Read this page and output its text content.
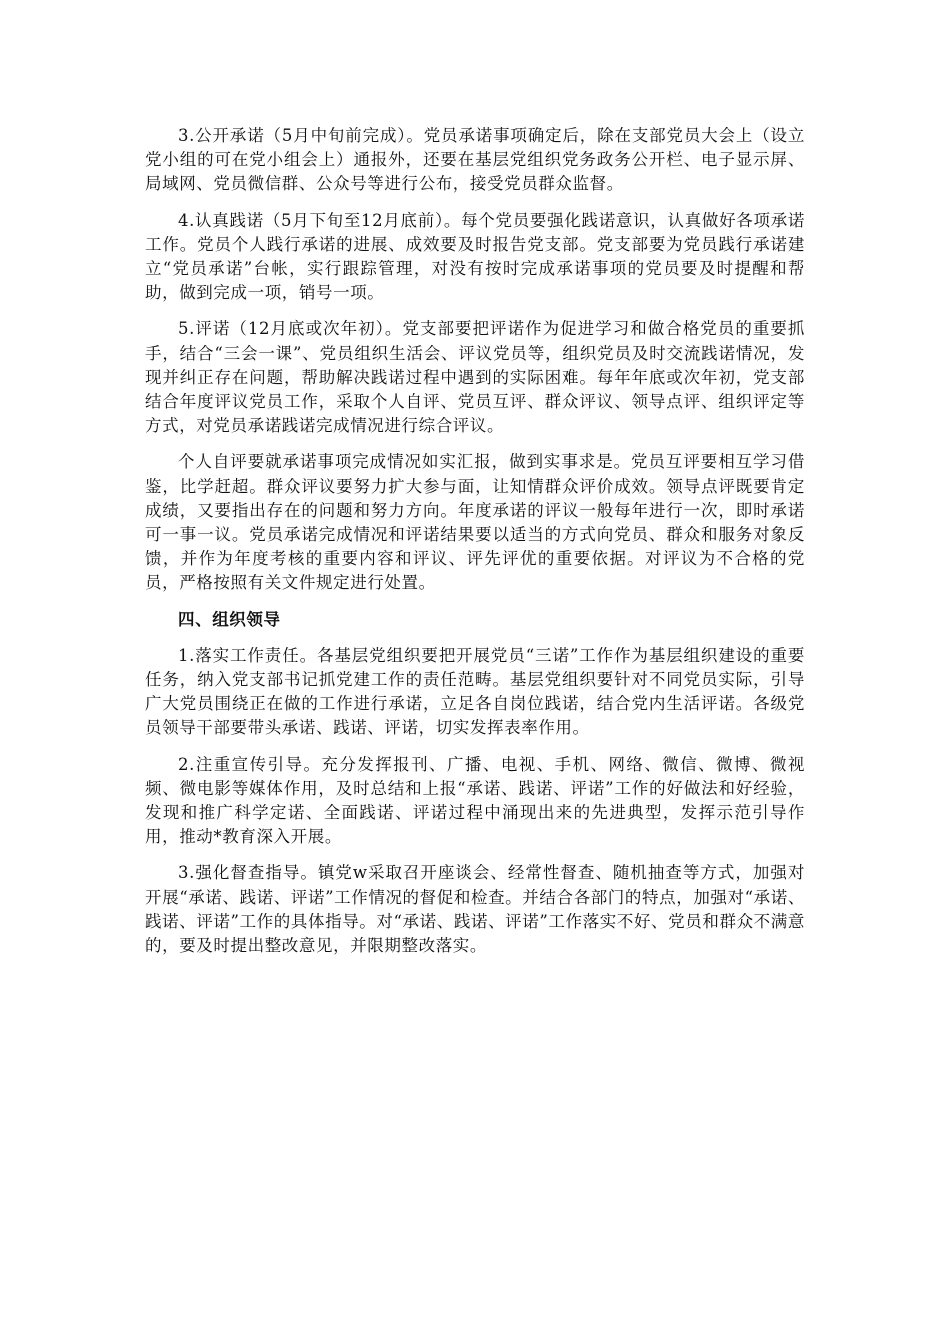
3.公开承诺（5月中旬前完成）。党员承诺事项确定后，除在支部党员大会上（设立党小组的可在党小组会上）通报外，还要在基层党组织党务政务公开栏、电子显示屏、局域网、党员微信群、公众号等进行公布，接受党员群众监督。

4.认真践诺（5月下旬至12月底前）。每个党员要强化践诺意识，认真做好各项承诺工作。党员个人践行承诺的进展、成效要及时报告党支部。党支部要为党员践行承诺建立“党员承诺”台帐，实行跟踪管理，对没有按时完成承诺事项的党员要及时提醒和帮助，做到完成一项，销号一项。

5.评诺（12月底或次年初）。党支部要把评诺作为促进学习和做合格党员的重要抓手，结合“三会一课”、党员组织生活会、评议党员等，组织党员及时交流践诺情况，发现并纠正存在问题，帮助解决践诺过程中遇到的实际困难。每年年底或次年初，党支部结合年度评议党员工作，采取个人自评、党员互评、群众评议、领导点评、组织评定等方式，对党员承诺践诺完成情况进行综合评议。

个人自评要就承诺事项完成情况如实汇报，做到实事求是。党员互评要相互学习借鉴，比学赶超。群众评议要努力扩大参与面，让知情群众评价成效。领导点评既要肯定成绩，又要指出存在的问题和努力方向。年度承诺的评议一般每年进行一次，即时承诺可一事一议。党员承诺完成情况和评诺结果要以适当的方式向党员、群众和服务对象反馈，并作为年度考核的重要内容和评议、评先评优的重要依据。对评议为不合格的党员，严格按照有关文件规定进行处置。

四、组织领导

1.落实工作责任。各基层党组织要把开展党员“三诺”工作作为基层组织建设的重要任务，纳入党支部书记抓党建工作的责任范畴。基层党组织要针对不同党员实际，引导广大党员围绕正在做的工作进行承诺，立足各自岗位践诺，结合党内生活评诺。各级党员领导干部要带头承诺、践诺、评诺，切实发挥表率作用。

2.注重宣传引导。充分发挥报刊、广播、电视、手机、网络、微信、微博、微视频、微电影等媒体作用，及时总结和上报“承诺、践诺、评诺”工作的好做法和好经验，发现和推广科学定诺、全面践诺、评诺过程中涌现出来的先进典型，发挥示范引导作用，推动*教育深入开展。

3.强化督查指导。镇党w采取召开座谈会、经常性督查、随机抽查等方式，加强对开展“承诺、践诺、评诺”工作情况的督促和检查。并结合各部门的特点，加强对“承诺、践诺、评诺”工作的具体指导。对“承诺、践诺、评诺”工作落实不好、党员和群众不满意的，要及时提出整改意见，并限期整改落实。
